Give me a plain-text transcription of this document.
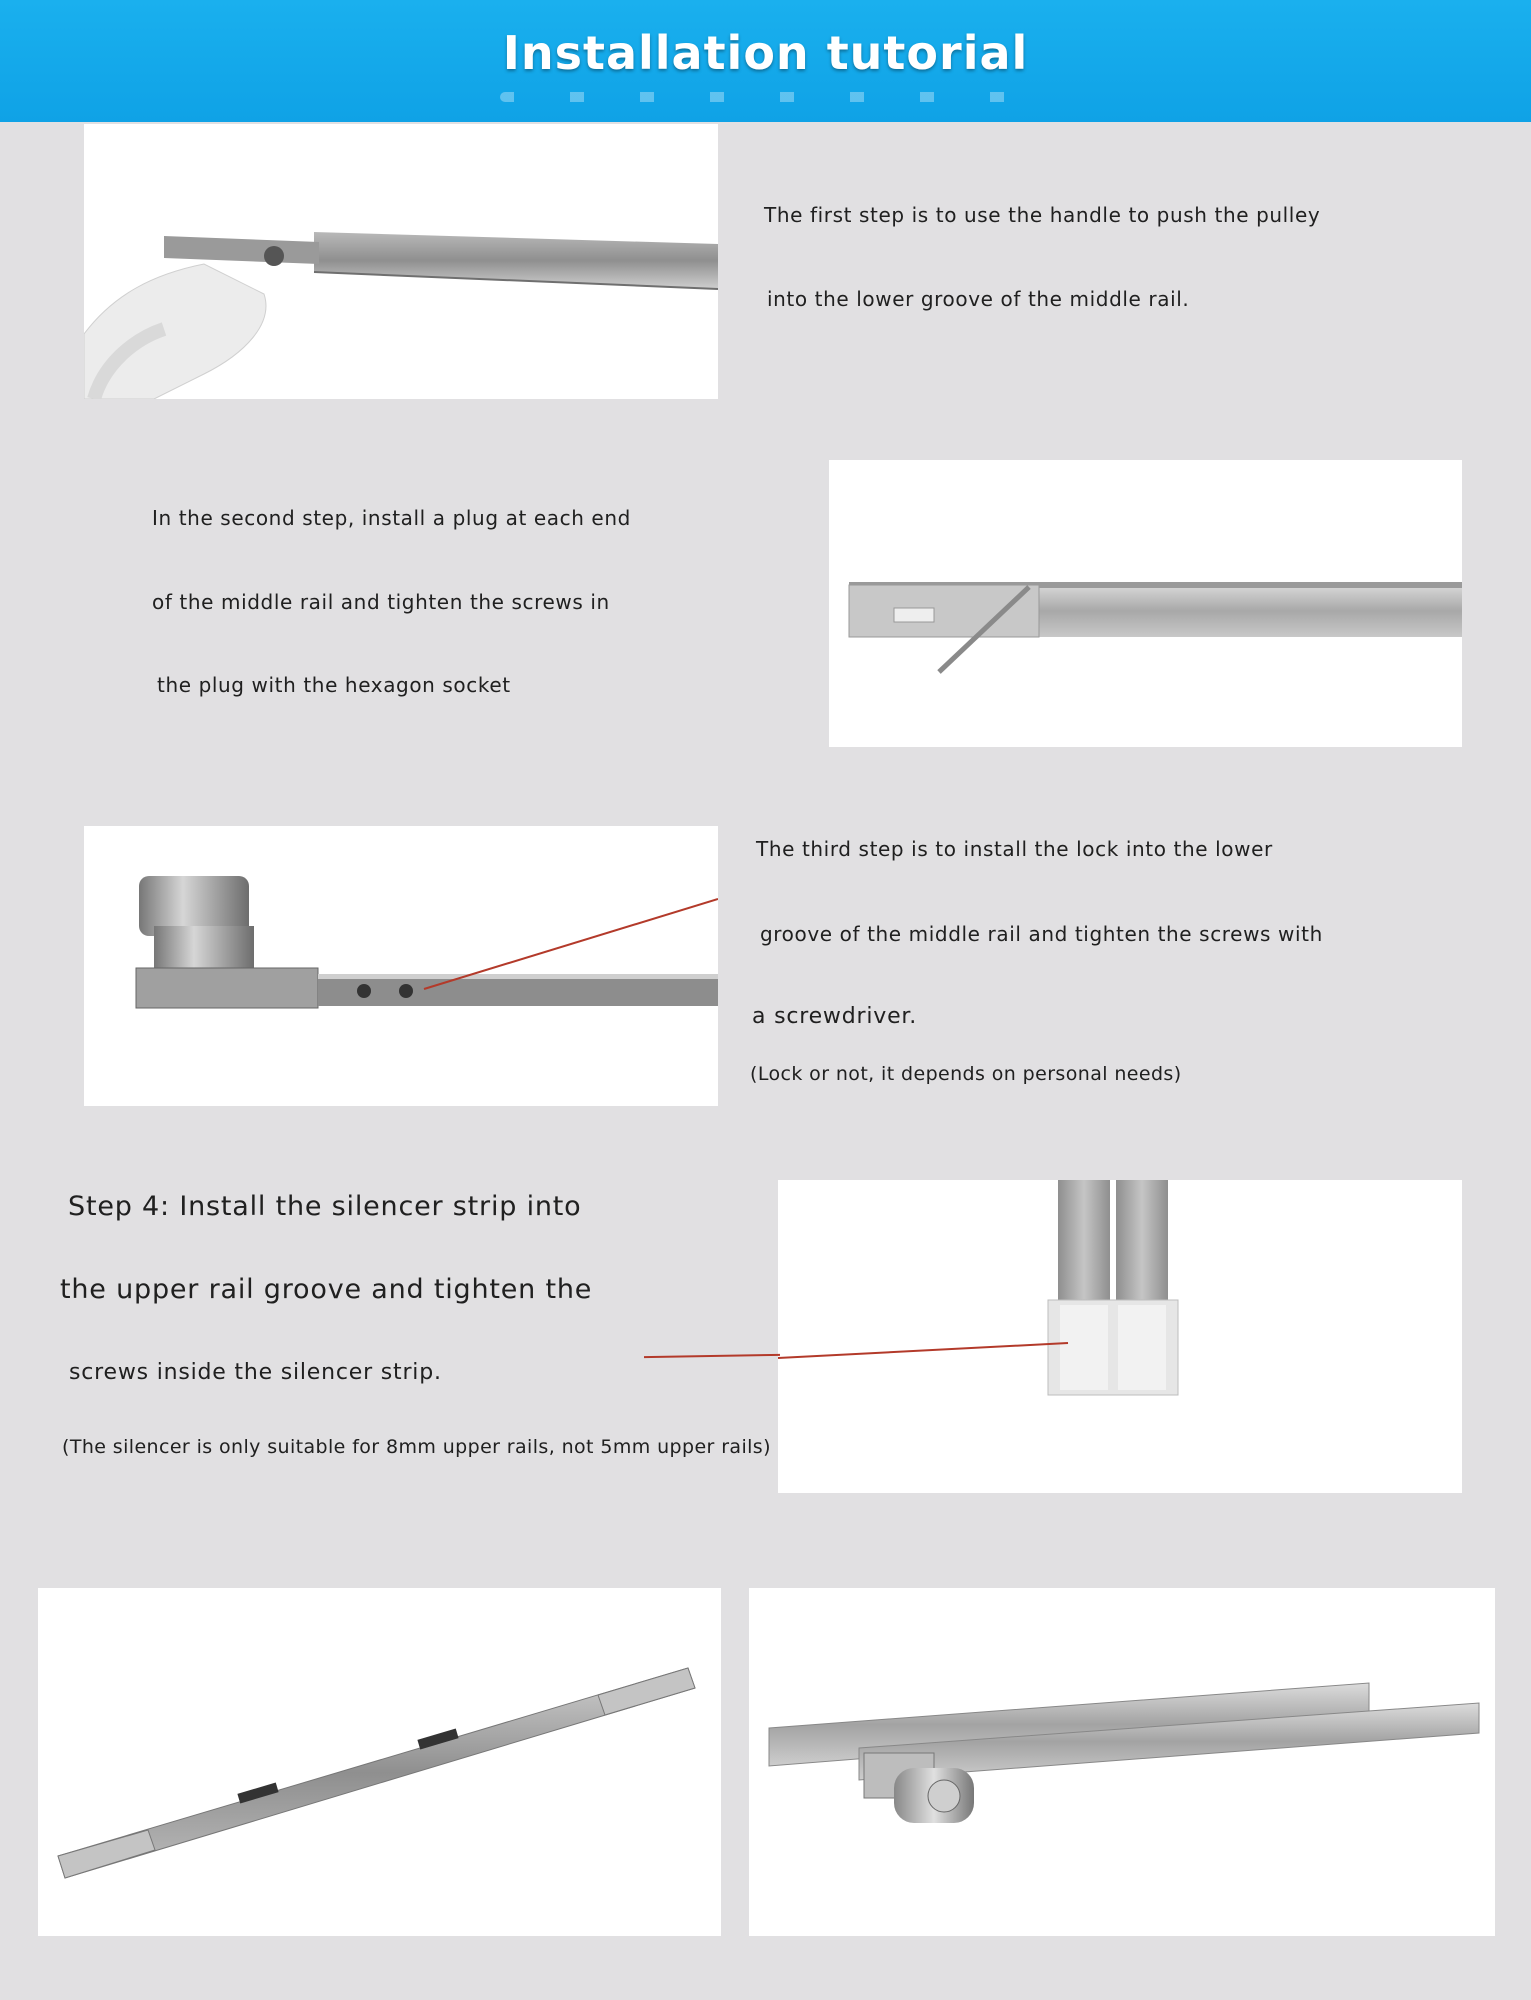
Installation tutorial
The first step is to use the handle to push the pulley
into the lower groove of the middle rail.
In the second step, install a plug at each end
of the middle rail and tighten the screws in
the plug with the hexagon socket
The third step is to install the lock into the lower
groove of the middle rail and tighten the screws with
a screwdriver.
(Lock or not, it depends on personal needs)
Step 4: Install the silencer strip into
the upper rail groove and tighten the
screws inside the silencer strip.
(The silencer is only suitable for 8mm upper rails, not 5mm upper rails)
